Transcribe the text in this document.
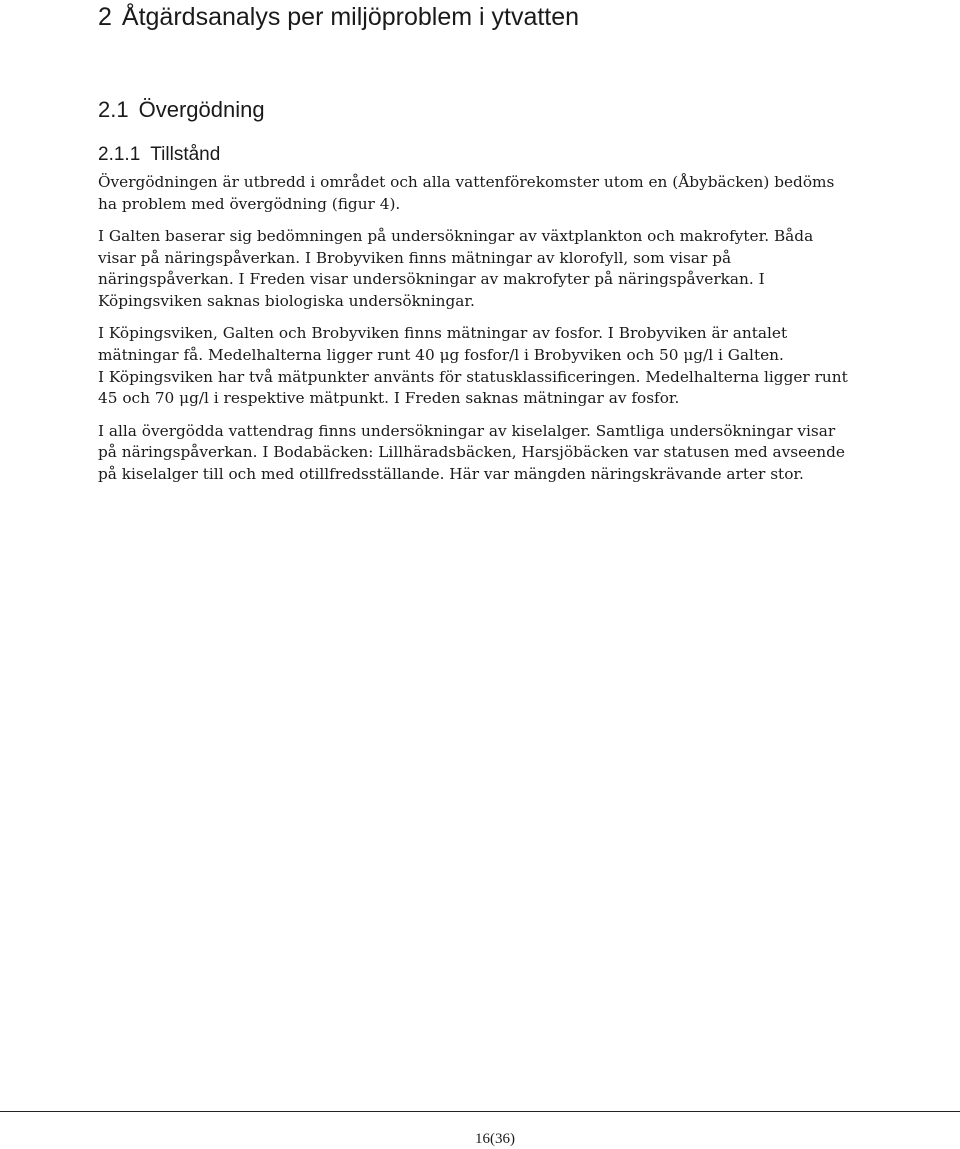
2 Åtgärdsanalys per miljöproblem i ytvatten
2.1 Övergödning
2.1.1 Tillstånd

Övergödningen är utbredd i området och alla vattenförekomster utom en (Åbybäcken) bedöms
ha problem med övergödning (figur 4).

I Galten baserar sig bedömningen på undersökningar av växtplankton och makrofyter. Båda
visar på näringspåverkan. I Brobyviken finns mätningar av klorofyll, som visar på
näringspåverkan. I Freden visar undersökningar av makrofyter på näringspåverkan. I
Köpingsviken saknas biologiska undersökningar.

I Köpingsviken, Galten och Brobyviken finns mätningar av fosfor. I Brobyviken är antalet
mätningar få. Medelhalterna ligger runt 40 μg fosfor/l i Brobyviken och 50 μg/l i Galten.
I Köpingsviken har två mätpunkter använts för statusklassificeringen. Medelhalterna ligger runt
45 och 70 μg/l i respektive mätpunkt. I Freden saknas mätningar av fosfor.

I alla övergödda vattendrag finns undersökningar av kiselalger. Samtliga undersökningar visar
på näringspåverkan. I Bodabäcken: Lillhäradsbäcken, Harsjöbäcken var statusen med avseende
på kiselalger till och med otillfredsställande. Här var mängden näringskrävande arter stor.

16(36)
